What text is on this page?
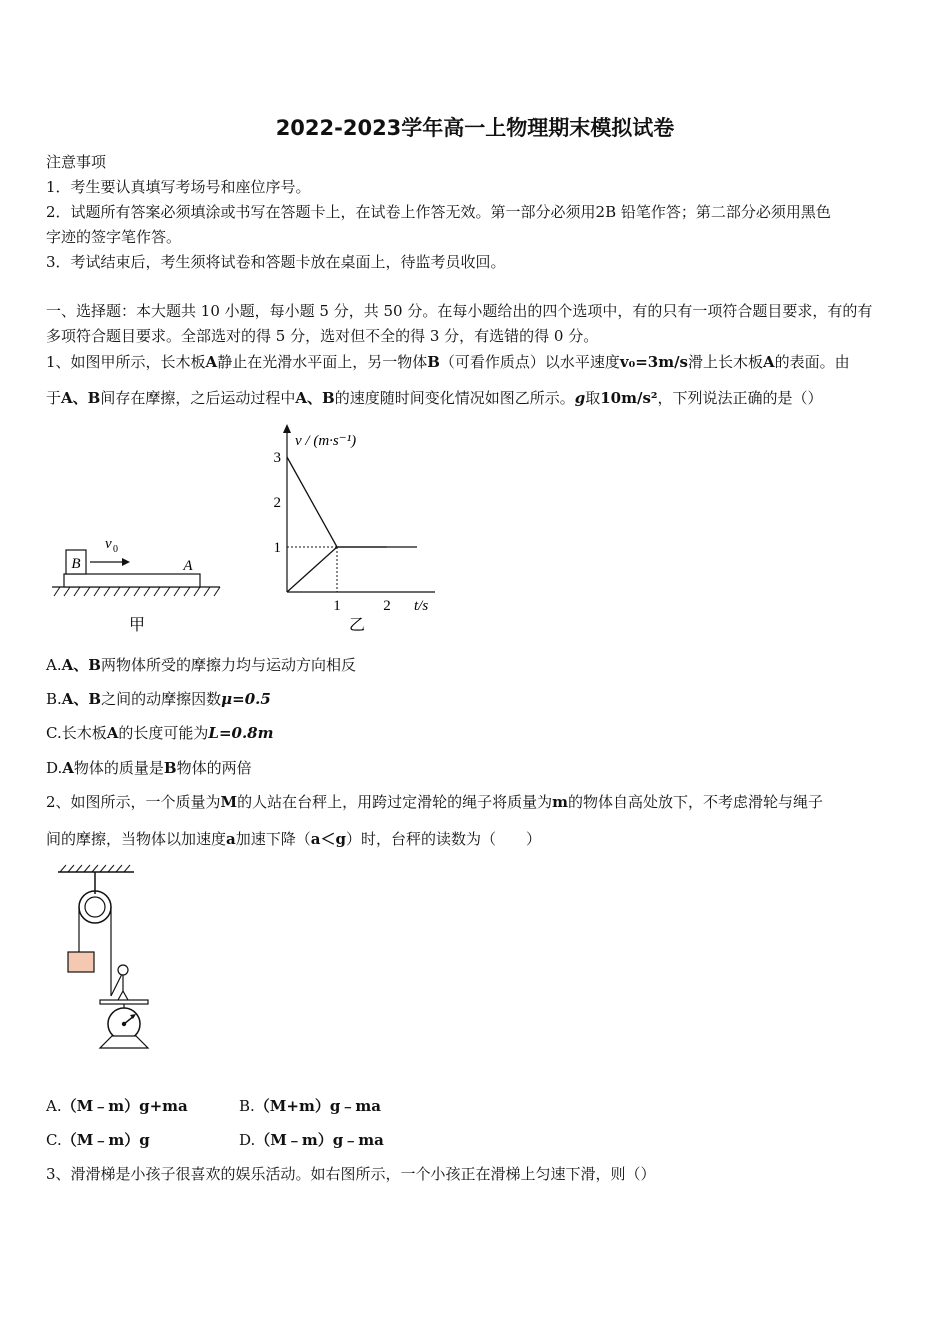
2022-2023学年高一上物理期末模拟试卷
注意事项
1．考生要认真填写考场号和座位序号。
2．试题所有答案必须填涂或书写在答题卡上，在试卷上作答无效。第一部分必须用2B 铅笔作答；第二部分必须用黑色
字迹的签字笔作答。
3．考试结束后，考生须将试卷和答题卡放在桌面上，待监考员收回。
一、选择题：本大题共 10 小题，每小题 5 分，共 50 分。在每小题给出的四个选项中，有的只有一项符合题目要求，有的有
多项符合题目要求。全部选对的得 5 分，选对但不全的得 3 分，有选错的得 0 分。
1、如图甲所示，长木板A静止在光滑水平面上，另一物体B（可看作质点）以水平速度v₀=3m/s滑上长木板A的表面。由
于A、B间存在摩擦，之后运动过程中A、B的速度随时间变化情况如图乙所示。g取10m/s²，下列说法正确的是（）
B	A
v 0
甲
v / (m·s⁻¹)
t/s
1
2
3
1	2
乙
A.A、B两物体所受的摩擦力均与运动方向相反
B.A、B之间的动摩擦因数μ=0.5
C.长木板A的长度可能为L=0.8m
D.A物体的质量是B物体的两倍
2、如图所示，一个质量为M的人站在台秤上，用跨过定滑轮的绳子将质量为m的物体自高处放下，不考虑滑轮与绳子
间的摩擦，当物体以加速度a加速下降（a＜g）时，台秤的读数为（　　）
A.（M﹣m）g+ma	B.（M+m）g﹣ma
C.（M﹣m）g	D.（M﹣m）g﹣ma
3、滑滑梯是小孩子很喜欢的娱乐活动。如右图所示，一个小孩正在滑梯上匀速下滑，则（）
